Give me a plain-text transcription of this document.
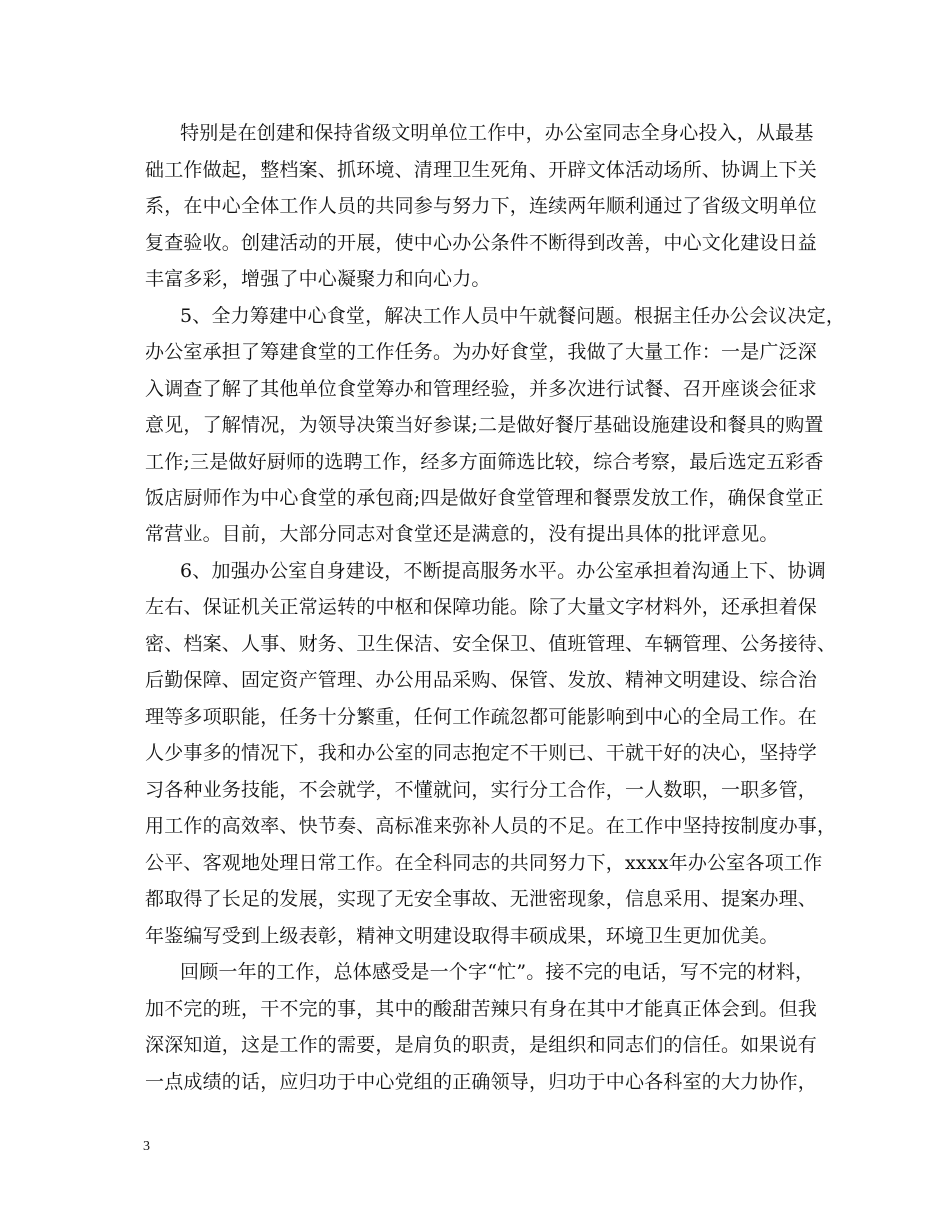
特别是在创建和保持省级文明单位工作中，办公室同志全身心投入，从最基
础工作做起，整档案、抓环境、清理卫生死角、开辟文体活动场所、协调上下关
系，在中心全体工作人员的共同参与努力下，连续两年顺利通过了省级文明单位
复查验收。创建活动的开展，使中心办公条件不断得到改善，中心文化建设日益
丰富多彩，增强了中心凝聚力和向心力。
5、全力筹建中心食堂，解决工作人员中午就餐问题。根据主任办公会议决定，
办公室承担了筹建食堂的工作任务。为办好食堂，我做了大量工作：一是广泛深
入调查了解了其他单位食堂筹办和管理经验，并多次进行试餐、召开座谈会征求
意见，了解情况，为领导决策当好参谋;二是做好餐厅基础设施建设和餐具的购置
工作;三是做好厨师的选聘工作，经多方面筛选比较，综合考察，最后选定五彩香
饭店厨师作为中心食堂的承包商;四是做好食堂管理和餐票发放工作，确保食堂正
常营业。目前，大部分同志对食堂还是满意的，没有提出具体的批评意见。
6、加强办公室自身建设，不断提高服务水平。办公室承担着沟通上下、协调
左右、保证机关正常运转的中枢和保障功能。除了大量文字材料外，还承担着保
密、档案、人事、财务、卫生保洁、安全保卫、值班管理、车辆管理、公务接待、
后勤保障、固定资产管理、办公用品采购、保管、发放、精神文明建设、综合治
理等多项职能，任务十分繁重，任何工作疏忽都可能影响到中心的全局工作。在
人少事多的情况下，我和办公室的同志抱定不干则已、干就干好的决心，坚持学
习各种业务技能，不会就学，不懂就问，实行分工合作，一人数职，一职多管，
用工作的高效率、快节奏、高标准来弥补人员的不足。在工作中坚持按制度办事，
公平、客观地处理日常工作。在全科同志的共同努力下，xxxx年办公室各项工作
都取得了长足的发展，实现了无安全事故、无泄密现象，信息采用、提案办理、
年鉴编写受到上级表彰，精神文明建设取得丰硕成果，环境卫生更加优美。
回顾一年的工作，总体感受是一个字“忙”。接不完的电话，写不完的材料，
加不完的班，干不完的事，其中的酸甜苦辣只有身在其中才能真正体会到。但我
深深知道，这是工作的需要，是肩负的职责，是组织和同志们的信任。如果说有
一点成绩的话，应归功于中心党组的正确领导，归功于中心各科室的大力协作，
3
